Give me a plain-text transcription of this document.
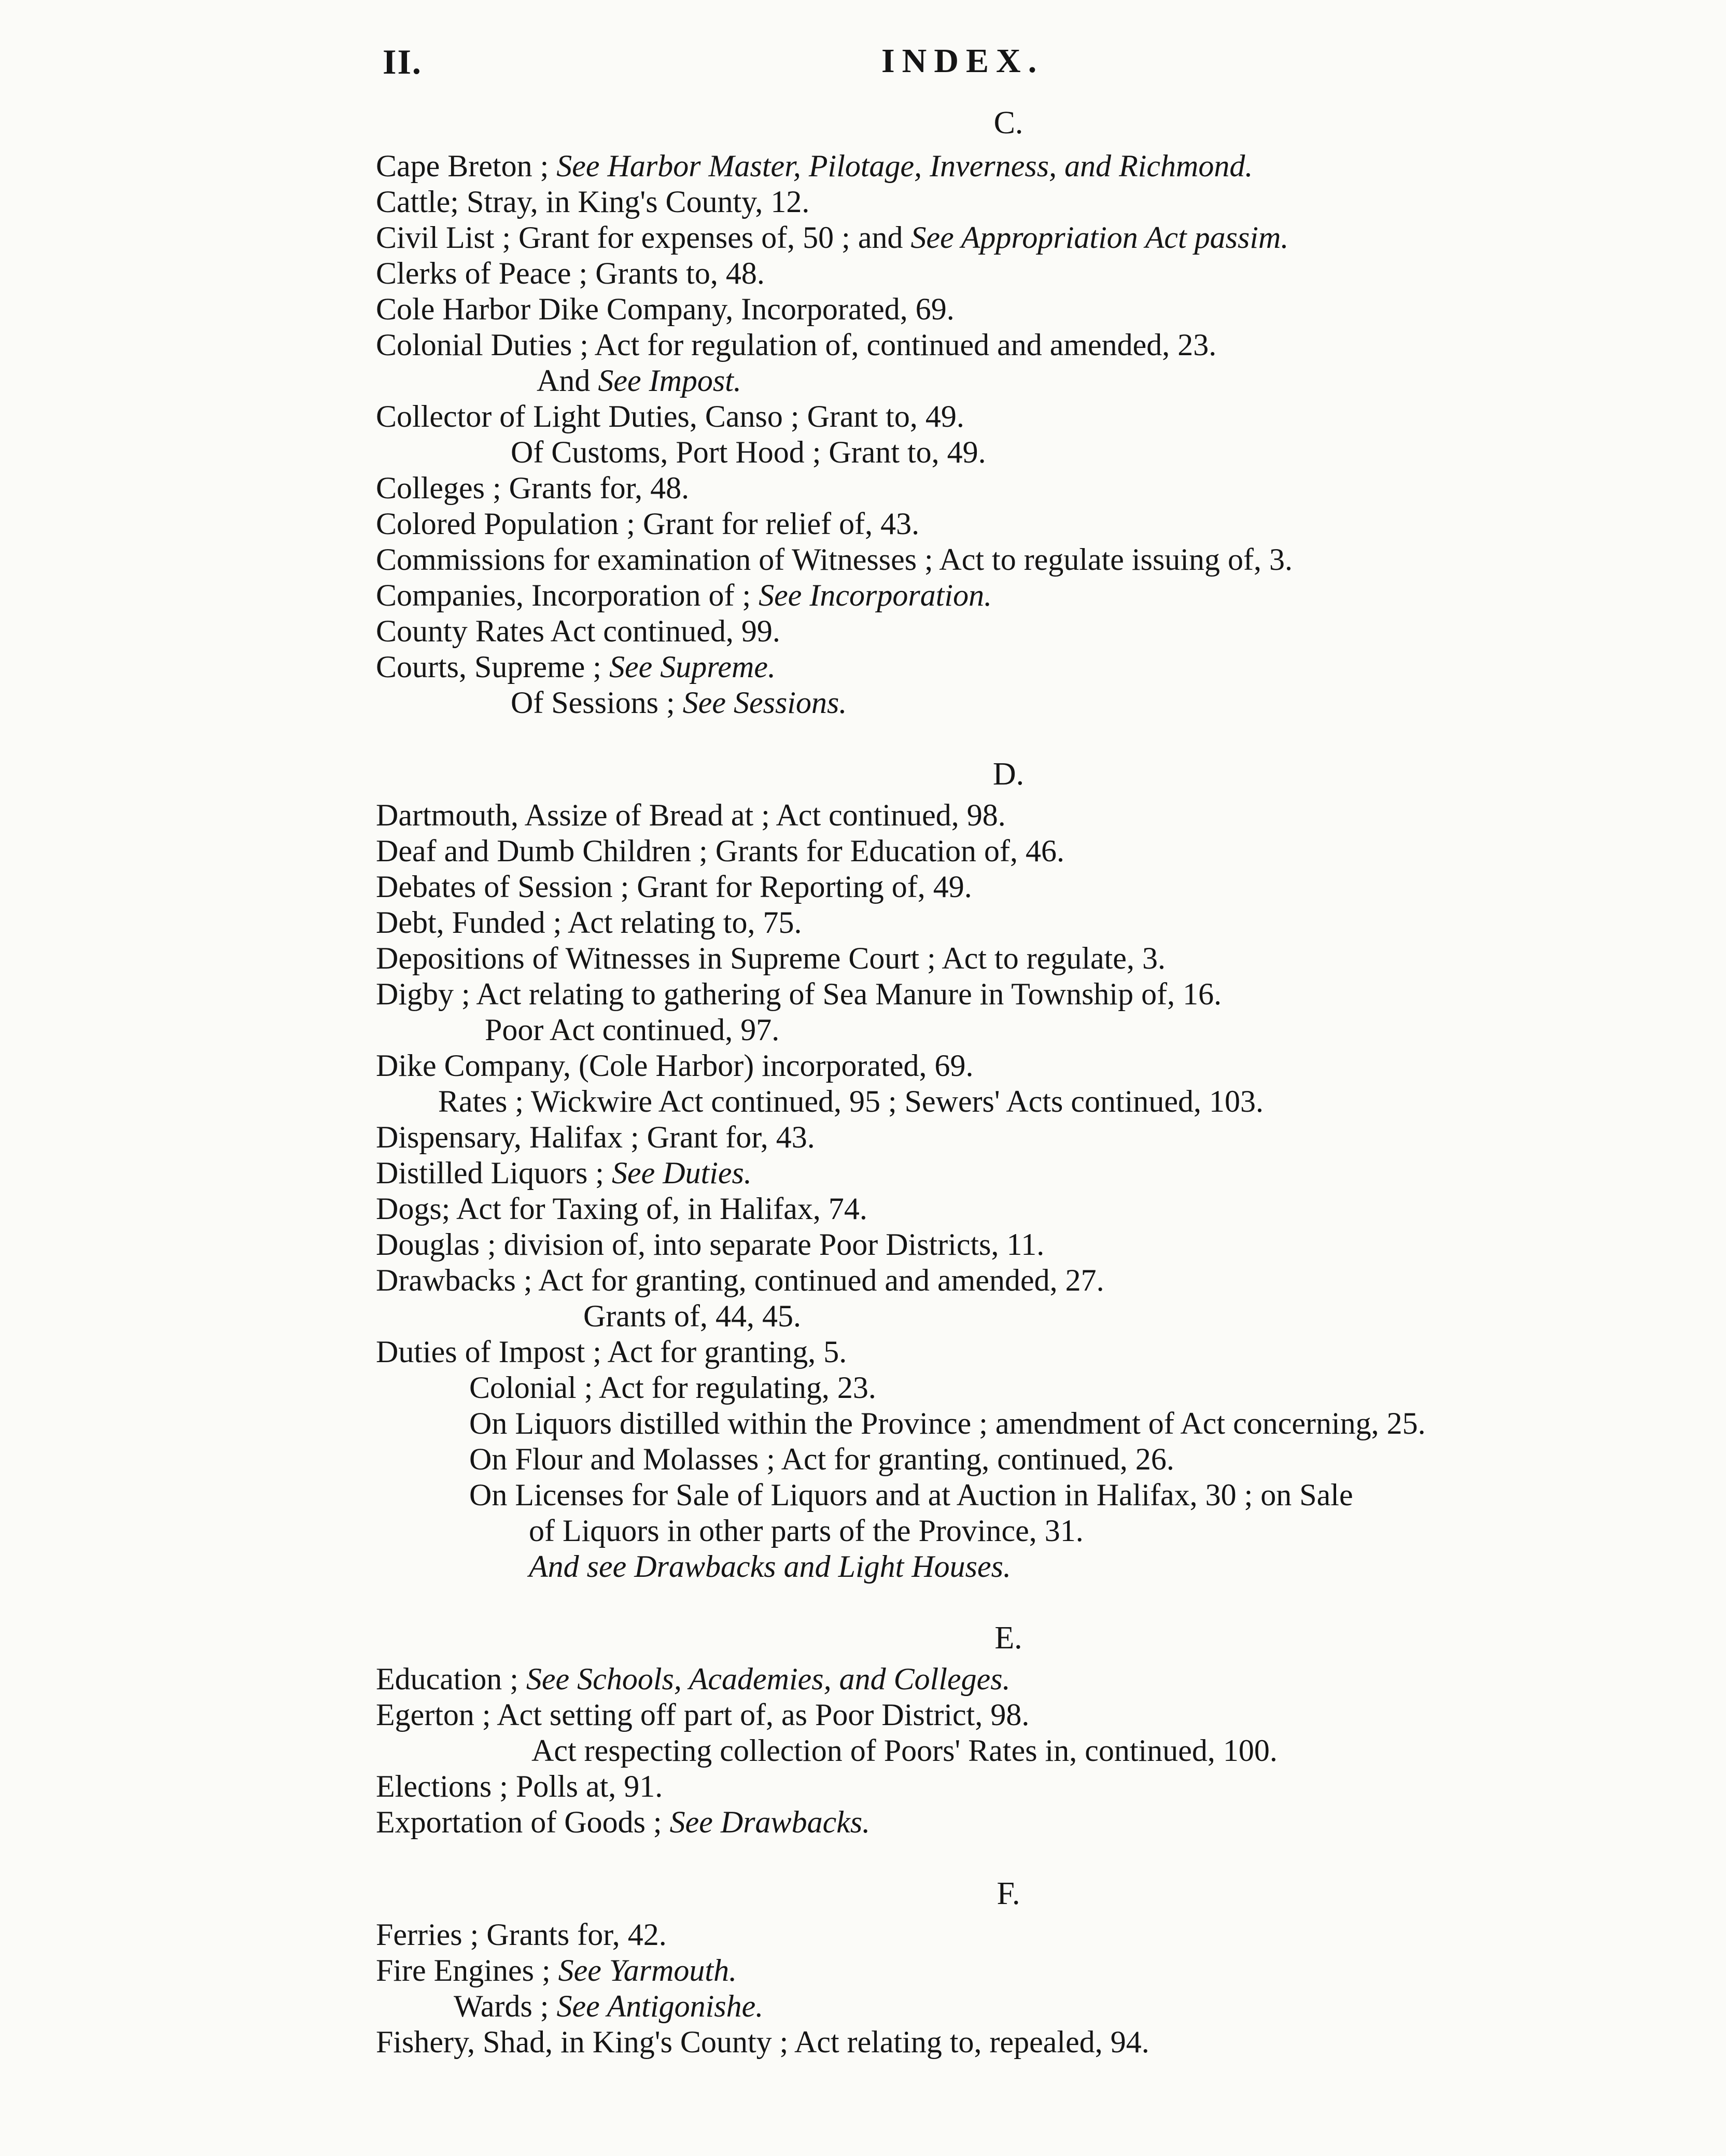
II.	INDEX.
C.
Cape Breton ; See Harbor Master, Pilotage, Inverness, and Richmond.
Cattle; Stray, in King's County, 12.
Civil List ; Grant for expenses of, 50 ; and See Appropriation Act passim.
Clerks of Peace ; Grants to, 48.
Cole Harbor Dike Company, Incorporated, 69.
Colonial Duties ; Act for regulation of, continued and amended, 23.
And See Impost.
Collector of Light Duties, Canso ; Grant to, 49.
Of Customs, Port Hood ; Grant to, 49.
Colleges ; Grants for, 48.
Colored Population ; Grant for relief of, 43.
Commissions for examination of Witnesses ; Act to regulate issuing of, 3.
Companies, Incorporation of ; See Incorporation.
County Rates Act continued, 99.
Courts, Supreme ; See Supreme.
Of Sessions ; See Sessions.
D.
Dartmouth, Assize of Bread at ; Act continued, 98.
Deaf and Dumb Children ; Grants for Education of, 46.
Debates of Session ; Grant for Reporting of, 49.
Debt, Funded ; Act relating to, 75.
Depositions of Witnesses in Supreme Court ; Act to regulate, 3.
Digby ; Act relating to gathering of Sea Manure in Township of, 16.
Poor Act continued, 97.
Dike Company, (Cole Harbor) incorporated, 69.
Rates ; Wickwire Act continued, 95 ; Sewers' Acts continued, 103.
Dispensary, Halifax ; Grant for, 43.
Distilled Liquors ; See Duties.
Dogs; Act for Taxing of, in Halifax, 74.
Douglas ; division of, into separate Poor Districts, 11.
Drawbacks ; Act for granting, continued and amended, 27.
Grants of, 44, 45.
Duties of Impost ; Act for granting, 5.
Colonial ; Act for regulating, 23.
On Liquors distilled within the Province ; amendment of Act concerning, 25.
On Flour and Molasses ; Act for granting, continued, 26.
On Licenses for Sale of Liquors and at Auction in Halifax, 30 ; on Sale
of Liquors in other parts of the Province, 31.
And see Drawbacks and Light Houses.
E.
Education ; See Schools, Academies, and Colleges.
Egerton ; Act setting off part of, as Poor District, 98.
Act respecting collection of Poors' Rates in, continued, 100.
Elections ; Polls at, 91.
Exportation of Goods ; See Drawbacks.
F.
Ferries ; Grants for, 42.
Fire Engines ; See Yarmouth.
Wards ; See Antigonishe.
Fishery, Shad, in King's County ; Act relating to, repealed, 94.
